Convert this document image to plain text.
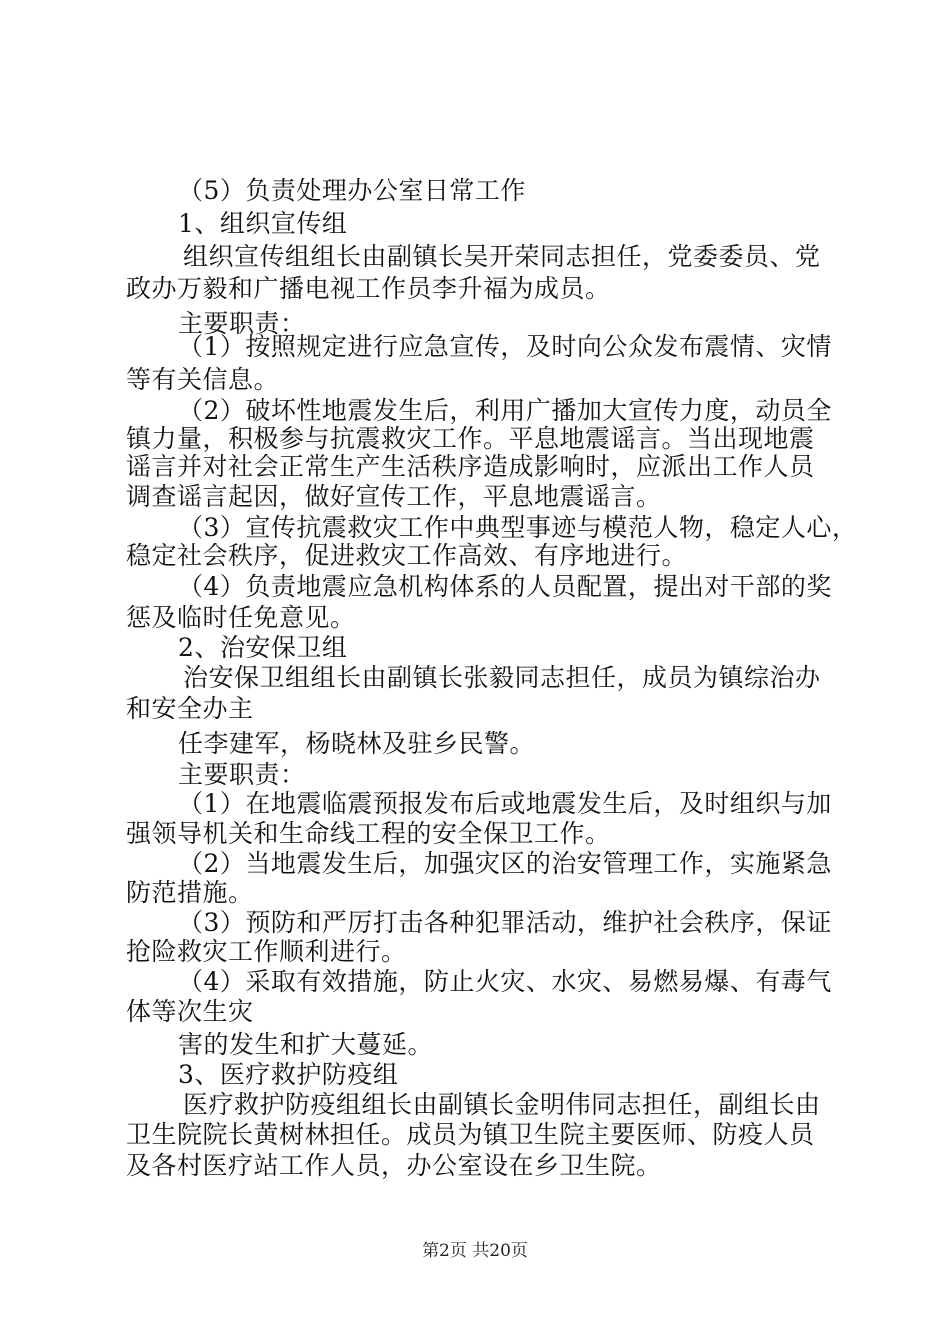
（5）负责处理办公室日常工作
1、组织宣传组
组织宣传组组长由副镇长吴开荣同志担任，党委委员、党
政办万毅和广播电视工作员李升福为成员。
主要职责：
（1）按照规定进行应急宣传，及时向公众发布震情、灾情
等有关信息。
（2）破坏性地震发生后，利用广播加大宣传力度，动员全
镇力量，积极参与抗震救灾工作。平息地震谣言。当出现地震
谣言并对社会正常生产生活秩序造成影响时，应派出工作人员
调查谣言起因，做好宣传工作，平息地震谣言。
（3）宣传抗震救灾工作中典型事迹与模范人物，稳定人心，
稳定社会秩序，促进救灾工作高效、有序地进行。
（4）负责地震应急机构体系的人员配置，提出对干部的奖
惩及临时任免意见。
2、治安保卫组
治安保卫组组长由副镇长张毅同志担任，成员为镇综治办
和安全办主
任李建军，杨晓林及驻乡民警。
主要职责：
（1）在地震临震预报发布后或地震发生后，及时组织与加
强领导机关和生命线工程的安全保卫工作。
（2）当地震发生后，加强灾区的治安管理工作，实施紧急
防范措施。
（3）预防和严厉打击各种犯罪活动，维护社会秩序，保证
抢险救灾工作顺利进行。
（4）采取有效措施，防止火灾、水灾、易燃易爆、有毒气
体等次生灾
害的发生和扩大蔓延。
3、医疗救护防疫组
医疗救护防疫组组长由副镇长金明伟同志担任，副组长由
卫生院院长黄树林担任。成员为镇卫生院主要医师、防疫人员
及各村医疗站工作人员，办公室设在乡卫生院。
第2页 共20页
